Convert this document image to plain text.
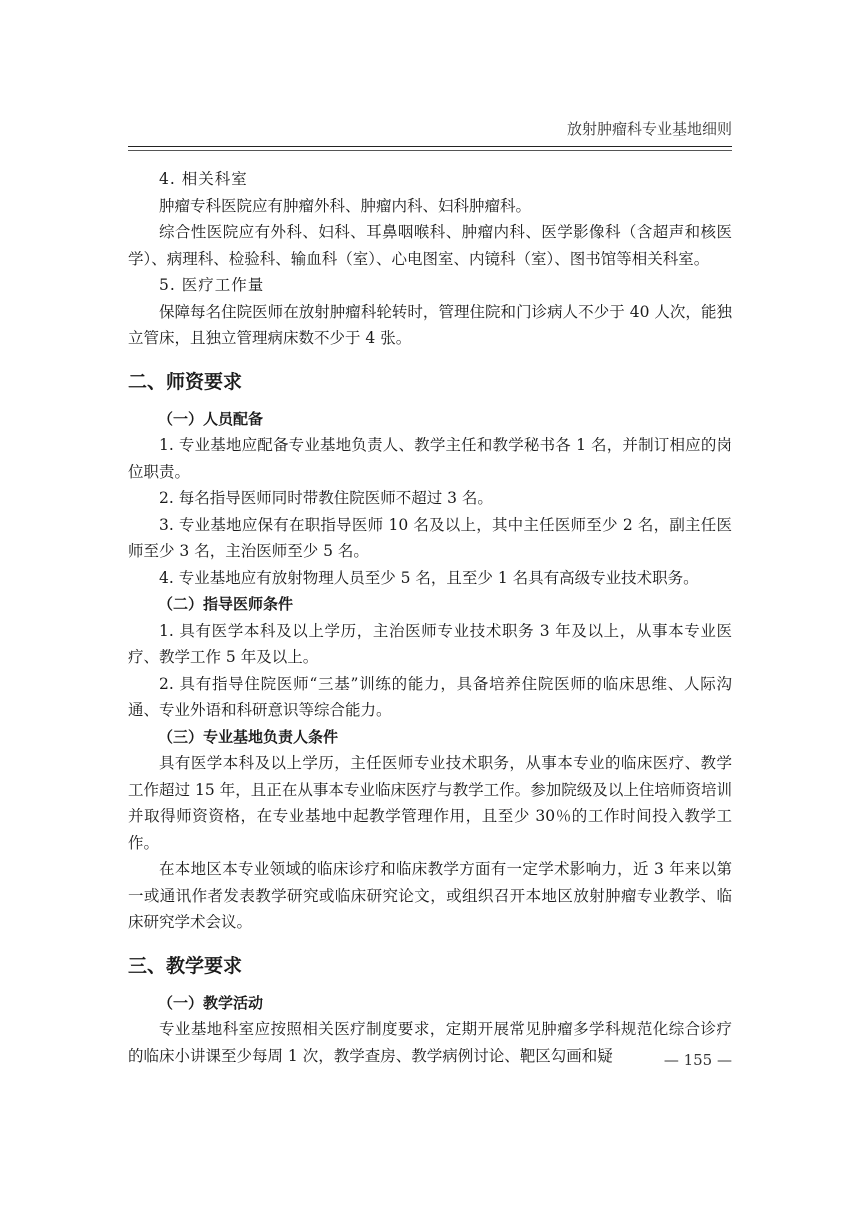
放射肿瘤科专业基地细则

4. 相关科室

肿瘤专科医院应有肿瘤外科、肿瘤内科、妇科肿瘤科。

综合性医院应有外科、妇科、耳鼻咽喉科、肿瘤内科、医学影像科（含超声和核医学）、病理科、检验科、输血科（室）、心电图室、内镜科（室）、图书馆等相关科室。

5. 医疗工作量

保障每名住院医师在放射肿瘤科轮转时，管理住院和门诊病人不少于 40 人次，能独立管床，且独立管理病床数不少于 4 张。

二、师资要求

（一）人员配备

1. 专业基地应配备专业基地负责人、教学主任和教学秘书各 1 名，并制订相应的岗位职责。

2. 每名指导医师同时带教住院医师不超过 3 名。

3. 专业基地应保有在职指导医师 10 名及以上，其中主任医师至少 2 名，副主任医师至少 3 名，主治医师至少 5 名。

4. 专业基地应有放射物理人员至少 5 名，且至少 1 名具有高级专业技术职务。

（二）指导医师条件

1. 具有医学本科及以上学历，主治医师专业技术职务 3 年及以上，从事本专业医疗、教学工作 5 年及以上。

2. 具有指导住院医师“三基”训练的能力，具备培养住院医师的临床思维、人际沟通、专业外语和科研意识等综合能力。

（三）专业基地负责人条件

具有医学本科及以上学历，主任医师专业技术职务，从事本专业的临床医疗、教学工作超过 15 年，且正在从事本专业临床医疗与教学工作。参加院级及以上住培师资培训并取得师资资格，在专业基地中起教学管理作用，且至少 30％的工作时间投入教学工作。

在本地区本专业领域的临床诊疗和临床教学方面有一定学术影响力，近 3 年来以第一或通讯作者发表教学研究或临床研究论文，或组织召开本地区放射肿瘤专业教学、临床研究学术会议。

三、教学要求

（一）教学活动

专业基地科室应按照相关医疗制度要求，定期开展常见肿瘤多学科规范化综合诊疗的临床小讲课至少每周 1 次，教学查房、教学病例讨论、靶区勾画和疑	— 155 —
